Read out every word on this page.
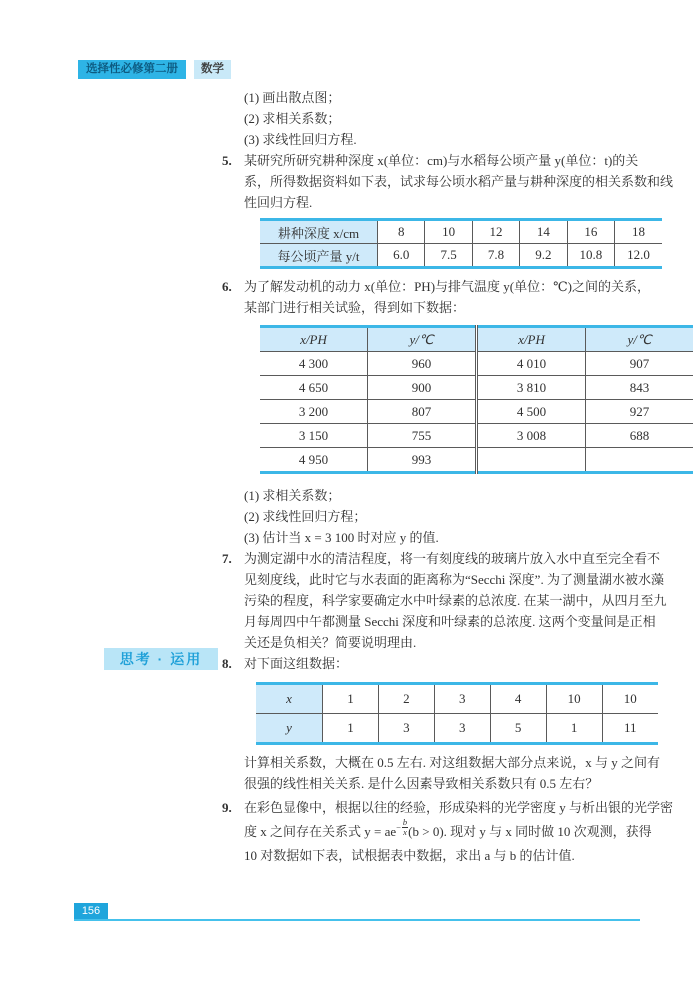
选择性必修第二册	数学
(1) 画出散点图；
(2) 求相关系数；
(3) 求线性回归方程.
5. 某研究所研究耕种深度 x(单位：cm)与水稻每公顷产量 y(单位：t)的关
系，所得数据资料如下表，试求每公顷水稻产量与耕种深度的相关系数和线
性回归方程.
耕种深度 x/cm	8	10	12	14	16	18
每公顷产量 y/t	6.0	7.5	7.8	9.2	10.8	12.0
6. 为了解发动机的动力 x(单位：PH)与排气温度 y(单位：℃)之间的关系，
某部门进行相关试验，得到如下数据：
x/PH	y/℃	x/PH	y/℃
4 300	960	4 010	907
4 650	900	3 810	843
3 200	807	4 500	927
3 150	755	3 008	688
4 950	993		
(1) 求相关系数；
(2) 求线性回归方程；
(3) 估计当 x = 3 100 时对应 y 的值.
7. 为测定湖中水的清洁程度，将一有刻度线的玻璃片放入水中直至完全看不
见刻度线，此时它与水表面的距离称为“Secchi 深度”. 为了测量湖水被水藻
污染的程度，科学家要确定水中叶绿素的总浓度. 在某一湖中，从四月至九
月每周四中午都测量 Secchi 深度和叶绿素的总浓度. 这两个变量间是正相
关还是负相关？简要说明理由.
8. 对下面这组数据：
x	1	2	3	4	10	10
y	1	3	3	5	1	11
计算相关系数，大概在 0.5 左右. 对这组数据大部分点来说，x 与 y 之间有
很强的线性相关关系. 是什么因素导致相关系数只有 0.5 左右？
9. 在彩色显像中，根据以往的经验，形成染料的光学密度 y 与析出银的光学密
度 x 之间存在关系式 y = ae − $\frac{b}{x} (b > 0)$. 现对 y 与 x 同时做 10 次观测，获得
10 对数据如下表，试根据表中数据，求出 a 与 b 的估计值.
思考 · 运用
156
